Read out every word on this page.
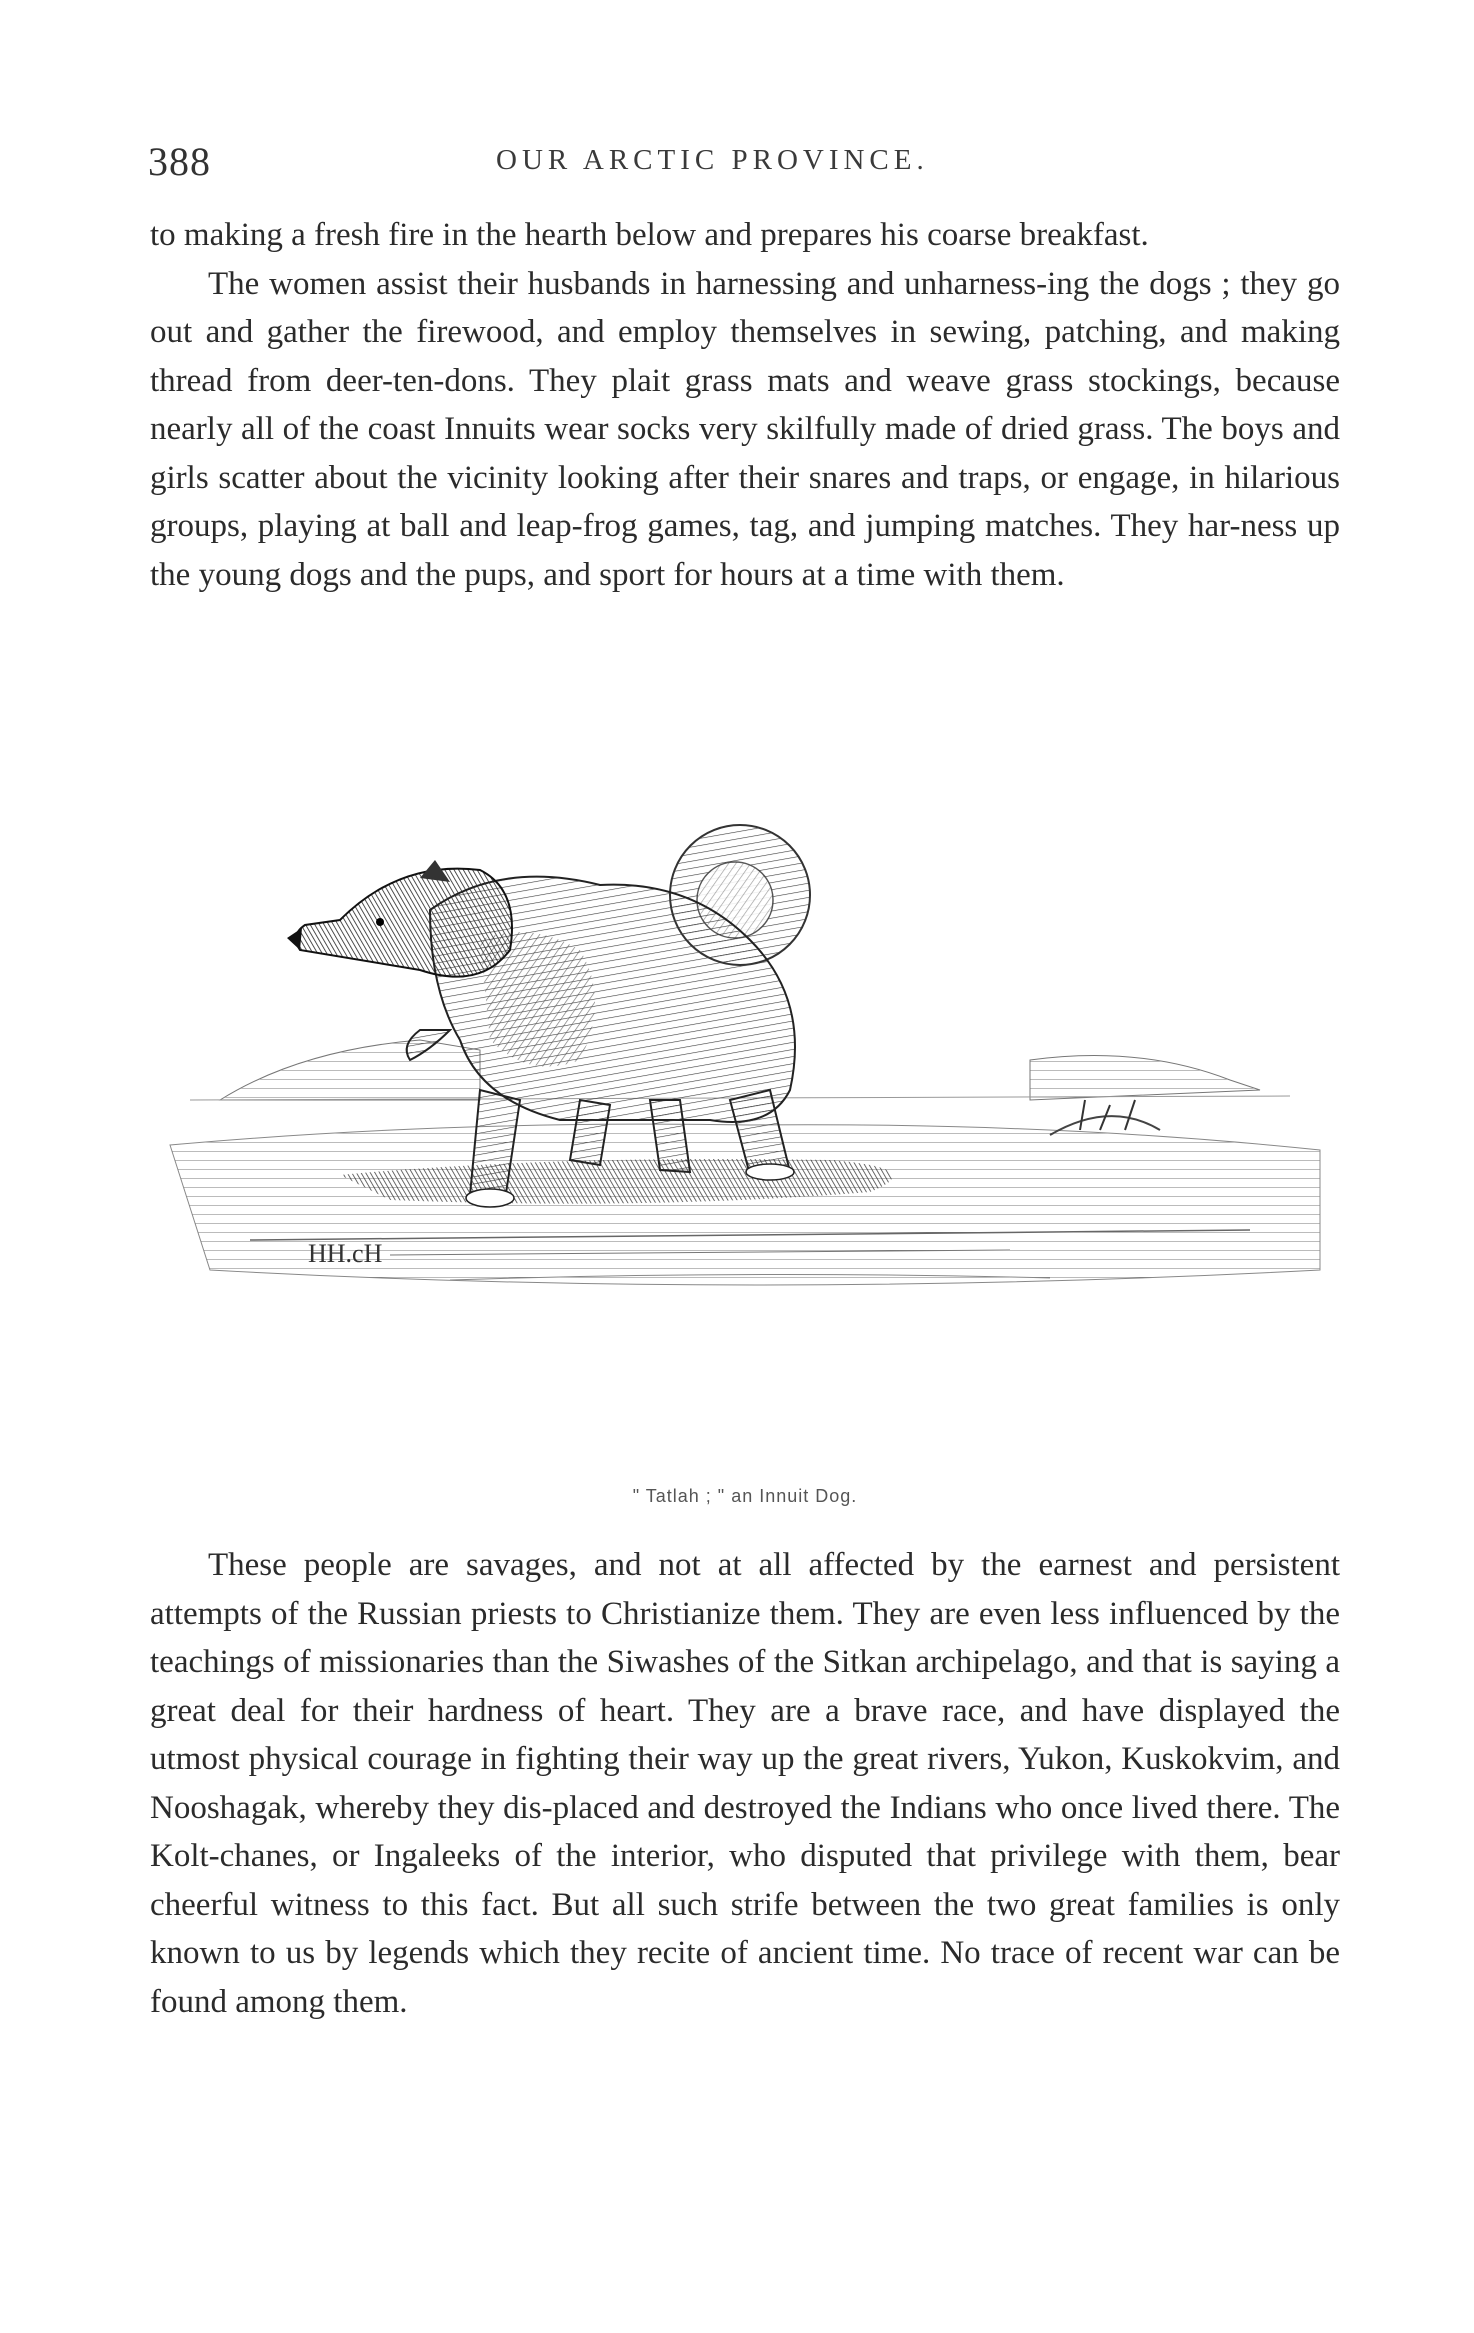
388	OUR ARCTIC PROVINCE.

to making a fresh fire in the hearth below and prepares his coarse breakfast.

The women assist their husbands in harnessing and unharness-ing the dogs ; they go out and gather the firewood, and employ themselves in sewing, patching, and making thread from deer-ten-dons. They plait grass mats and weave grass stockings, because nearly all of the coast Innuits wear socks very skilfully made of dried grass. The boys and girls scatter about the vicinity looking after their snares and traps, or engage, in hilarious groups, playing at ball and leap-frog games, tag, and jumping matches. They har-ness up the young dogs and the pups, and sport for hours at a time with them.

HH.cH
" Tatlah ; " an Innuit Dog.

These people are savages, and not at all affected by the earnest and persistent attempts of the Russian priests to Christianize them. They are even less influenced by the teachings of missionaries than the Siwashes of the Sitkan archipelago, and that is saying a great deal for their hardness of heart. They are a brave race, and have displayed the utmost physical courage in fighting their way up the great rivers, Yukon, Kuskokvim, and Nooshagak, whereby they dis-placed and destroyed the Indians who once lived there. The Kolt-chanes, or Ingaleeks of the interior, who disputed that privilege with them, bear cheerful witness to this fact. But all such strife between the two great families is only known to us by legends which they recite of ancient time. No trace of recent war can be found among them.
